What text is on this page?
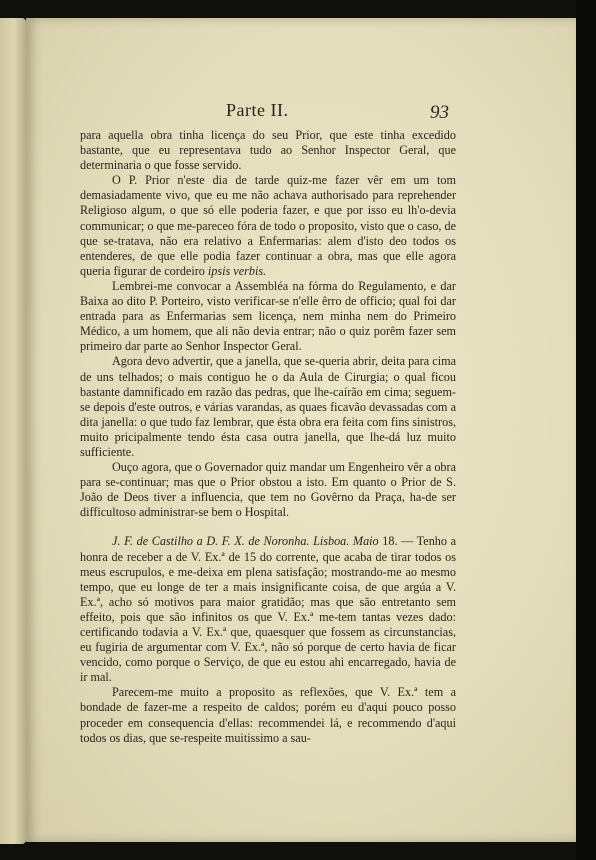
Parte II.	93

para aquella obra tinha licença do seu Prior, que este tinha excedido bastante, que eu representava tudo ao Senhor Inspector Geral, que determinaria o que fosse servido.

O P. Prior n'este dia de tarde quiz-me fazer vêr em um tom demasiadamente vivo, que eu me não achava authorisado para reprehender Religioso algum, o que só elle poderia fazer, e que por isso eu lh'o-devia communicar; o que me-pareceo fóra de todo o proposito, visto que o caso, de que se-tratava, não era relativo a Enfermarias: alem d'isto deo todos os entenderes, de que elle podia fazer continuar a obra, mas que elle agora queria figurar de cordeiro ipsis verbis.

Lembrei-me convocar a Assembléa na fórma do Regulamento, e dar Baixa ao dito P. Porteiro, visto verificar-se n'elle êrro de officio; qual foi dar entrada para as Enfermarias sem licença, nem minha nem do Primeiro Médico, a um homem, que ali não devia entrar; não o quiz porêm fazer sem primeiro dar parte ao Senhor Inspector Geral.

Agora devo advertir, que a janella, que se-queria abrir, deita para cima de uns telhados; o mais contiguo he o da Aula de Cirurgia; o qual ficou bastante damnificado em razão das pedras, que lhe-caírão em cima; seguem-se depois d'este outros, e várias varandas, as quaes ficavão devassadas com a dita janella: o que tudo faz lembrar, que ésta obra era feita com fins sinistros, muito pricipalmente tendo ésta casa outra janella, que lhe-dá luz muito sufficiente.

Ouço agora, que o Governador quiz mandar um Engenheiro vêr a obra para se-continuar; mas que o Prior obstou a isto. Em quanto o Prior de S. João de Deos tiver a influencia, que tem no Govêrno da Praça, ha-de ser difficultoso administrar-se bem o Hospital.

J. F. de Castilho a D. F. X. de Noronha. Lisboa. Maio 18. — Tenho a honra de receber a de V. Ex.ª de 15 do corrente, que acaba de tirar todos os meus escrupulos, e me-deixa em plena satisfação; mostrando-me ao mesmo tempo, que eu longe de ter a mais insignificante coisa, de que argúa a V. Ex.ª, acho só motivos para maior gratidão; mas que são entretanto sem effeito, pois que são infinitos os que V. Ex.ª me-tem tantas vezes dado: certificando todavia a V. Ex.ª que, quaesquer que fossem as circunstancias, eu fugiria de argumentar com V. Ex.ª, não só porque de certo havia de ficar vencido, como porque o Serviço, de que eu estou ahi encarregado, havia de ir mal.

Parecem-me muito a proposito as reflexões, que V. Ex.ª tem a bondade de fazer-me a respeito de caldos; porém eu d'aqui pouco posso proceder em consequencia d'ellas: recommendei lá, e recommendo d'aqui todos os dias, que se-respeite muitissimo a sau-
